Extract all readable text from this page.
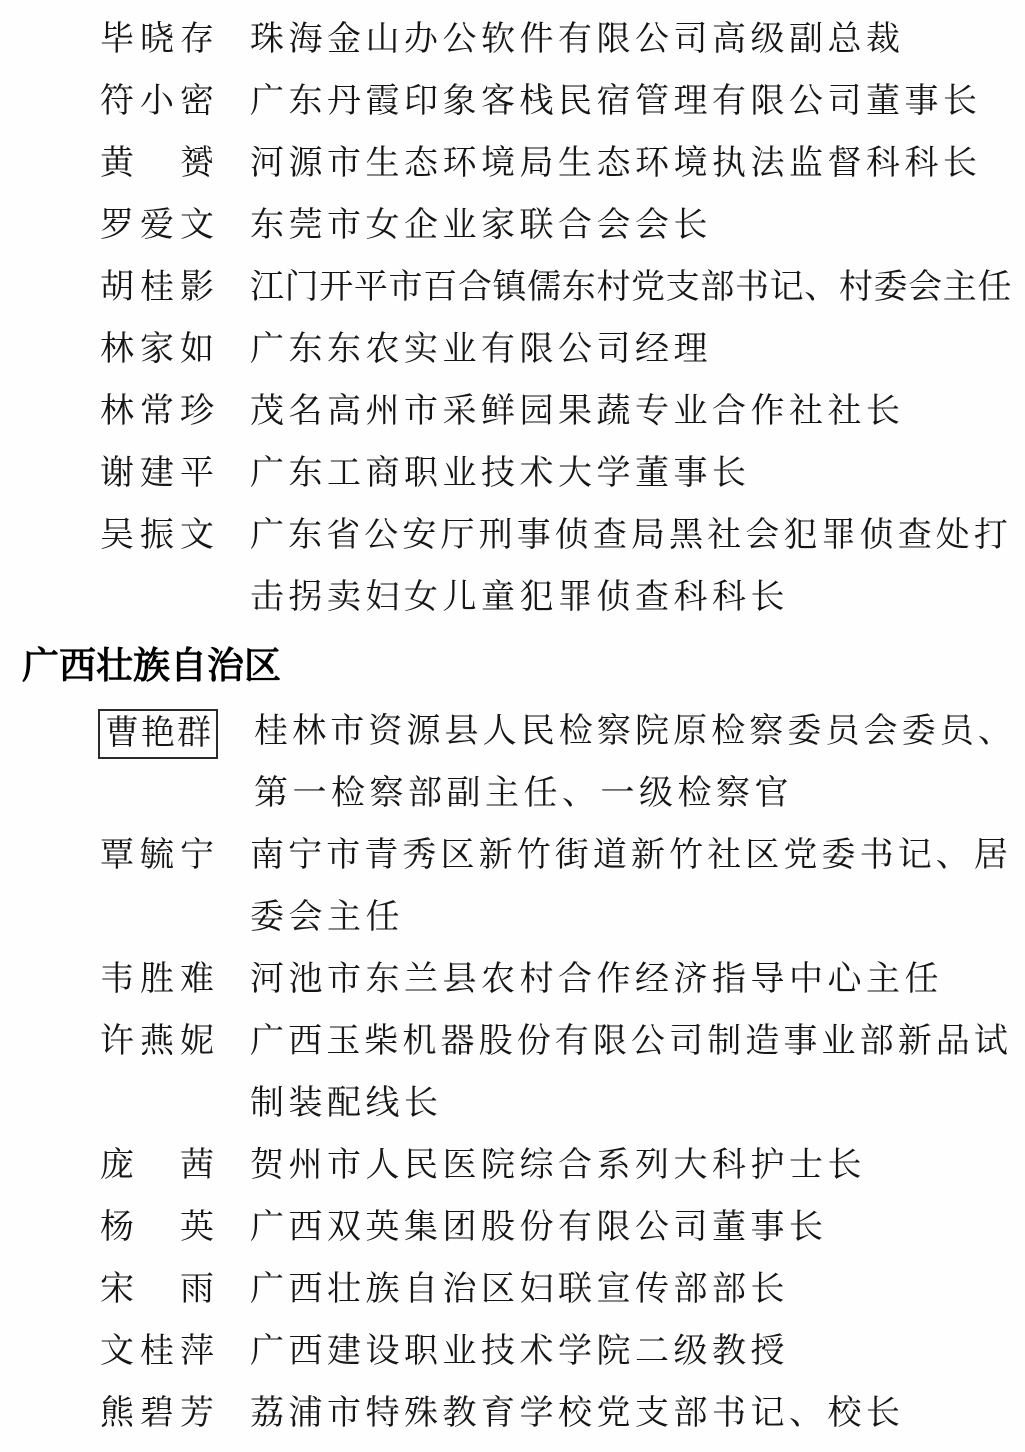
毕晓存 珠海金山办公软件有限公司高级副总裁
符小密 广东丹霞印象客栈民宿管理有限公司董事长
黄赟 河源市生态环境局生态环境执法监督科科长
罗爱文 东莞市女企业家联合会会长
胡桂影 江门开平市百合镇儒东村党支部书记、村委会主任
林家如 广东东农实业有限公司经理
林常珍 茂名高州市采鲜园果蔬专业合作社社长
谢建平 广东工商职业技术大学董事长
吴振文 广东省公安厅刑事侦查局黑社会犯罪侦查处打
击拐卖妇女儿童犯罪侦查科科长
广西壮族自治区
曹艳群 桂林市资源县人民检察院原检察委员会委员、
第一检察部副主任、一级检察官
覃毓宁 南宁市青秀区新竹街道新竹社区党委书记、居
委会主任
韦胜难 河池市东兰县农村合作经济指导中心主任
许燕妮 广西玉柴机器股份有限公司制造事业部新品试
制装配线长
庞茜 贺州市人民医院综合系列大科护士长
杨英 广西双英集团股份有限公司董事长
宋雨 广西壮族自治区妇联宣传部部长
文桂萍 广西建设职业技术学院二级教授
熊碧芳 荔浦市特殊教育学校党支部书记、校长
